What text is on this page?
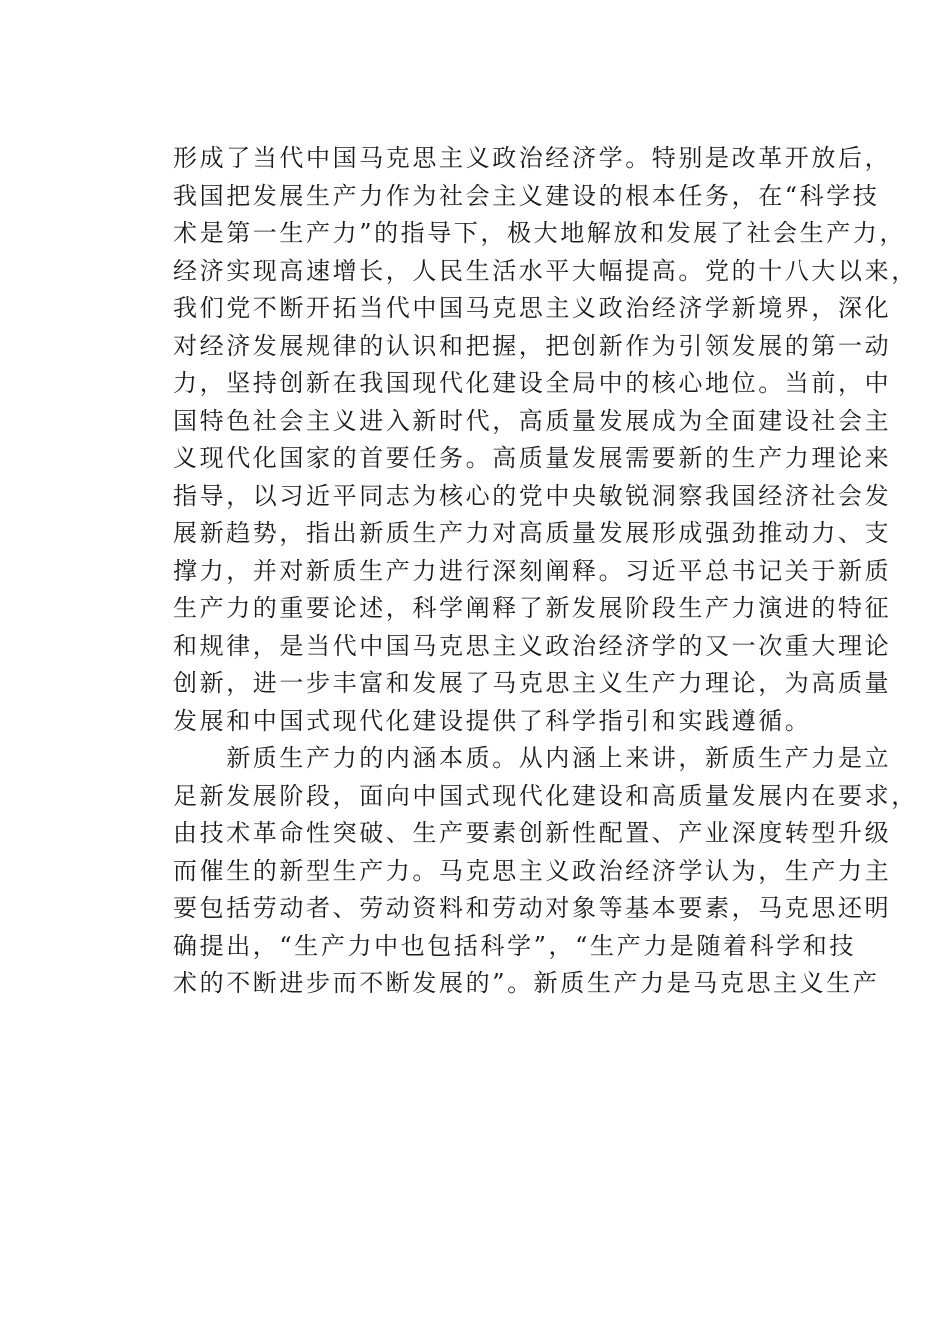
形成了当代中国马克思主义政治经济学。特别是改革开放后，
我国把发展生产力作为社会主义建设的根本任务，在“科学技
术是第一生产力”的指导下，极大地解放和发展了社会生产力，
经济实现高速增长，人民生活水平大幅提高。党的十八大以来，
我们党不断开拓当代中国马克思主义政治经济学新境界，深化
对经济发展规律的认识和把握，把创新作为引领发展的第一动
力，坚持创新在我国现代化建设全局中的核心地位。当前，中
国特色社会主义进入新时代，高质量发展成为全面建设社会主
义现代化国家的首要任务。高质量发展需要新的生产力理论来
指导，以习近平同志为核心的党中央敏锐洞察我国经济社会发
展新趋势，指出新质生产力对高质量发展形成强劲推动力、支
撑力，并对新质生产力进行深刻阐释。习近平总书记关于新质
生产力的重要论述，科学阐释了新发展阶段生产力演进的特征
和规律，是当代中国马克思主义政治经济学的又一次重大理论
创新，进一步丰富和发展了马克思主义生产力理论，为高质量
发展和中国式现代化建设提供了科学指引和实践遵循。
　　新质生产力的内涵本质。从内涵上来讲，新质生产力是立
足新发展阶段，面向中国式现代化建设和高质量发展内在要求，
由技术革命性突破、生产要素创新性配置、产业深度转型升级
而催生的新型生产力。马克思主义政治经济学认为，生产力主
要包括劳动者、劳动资料和劳动对象等基本要素，马克思还明
确提出，“生产力中也包括科学”，“生产力是随着科学和技
术的不断进步而不断发展的”。新质生产力是马克思主义生产
